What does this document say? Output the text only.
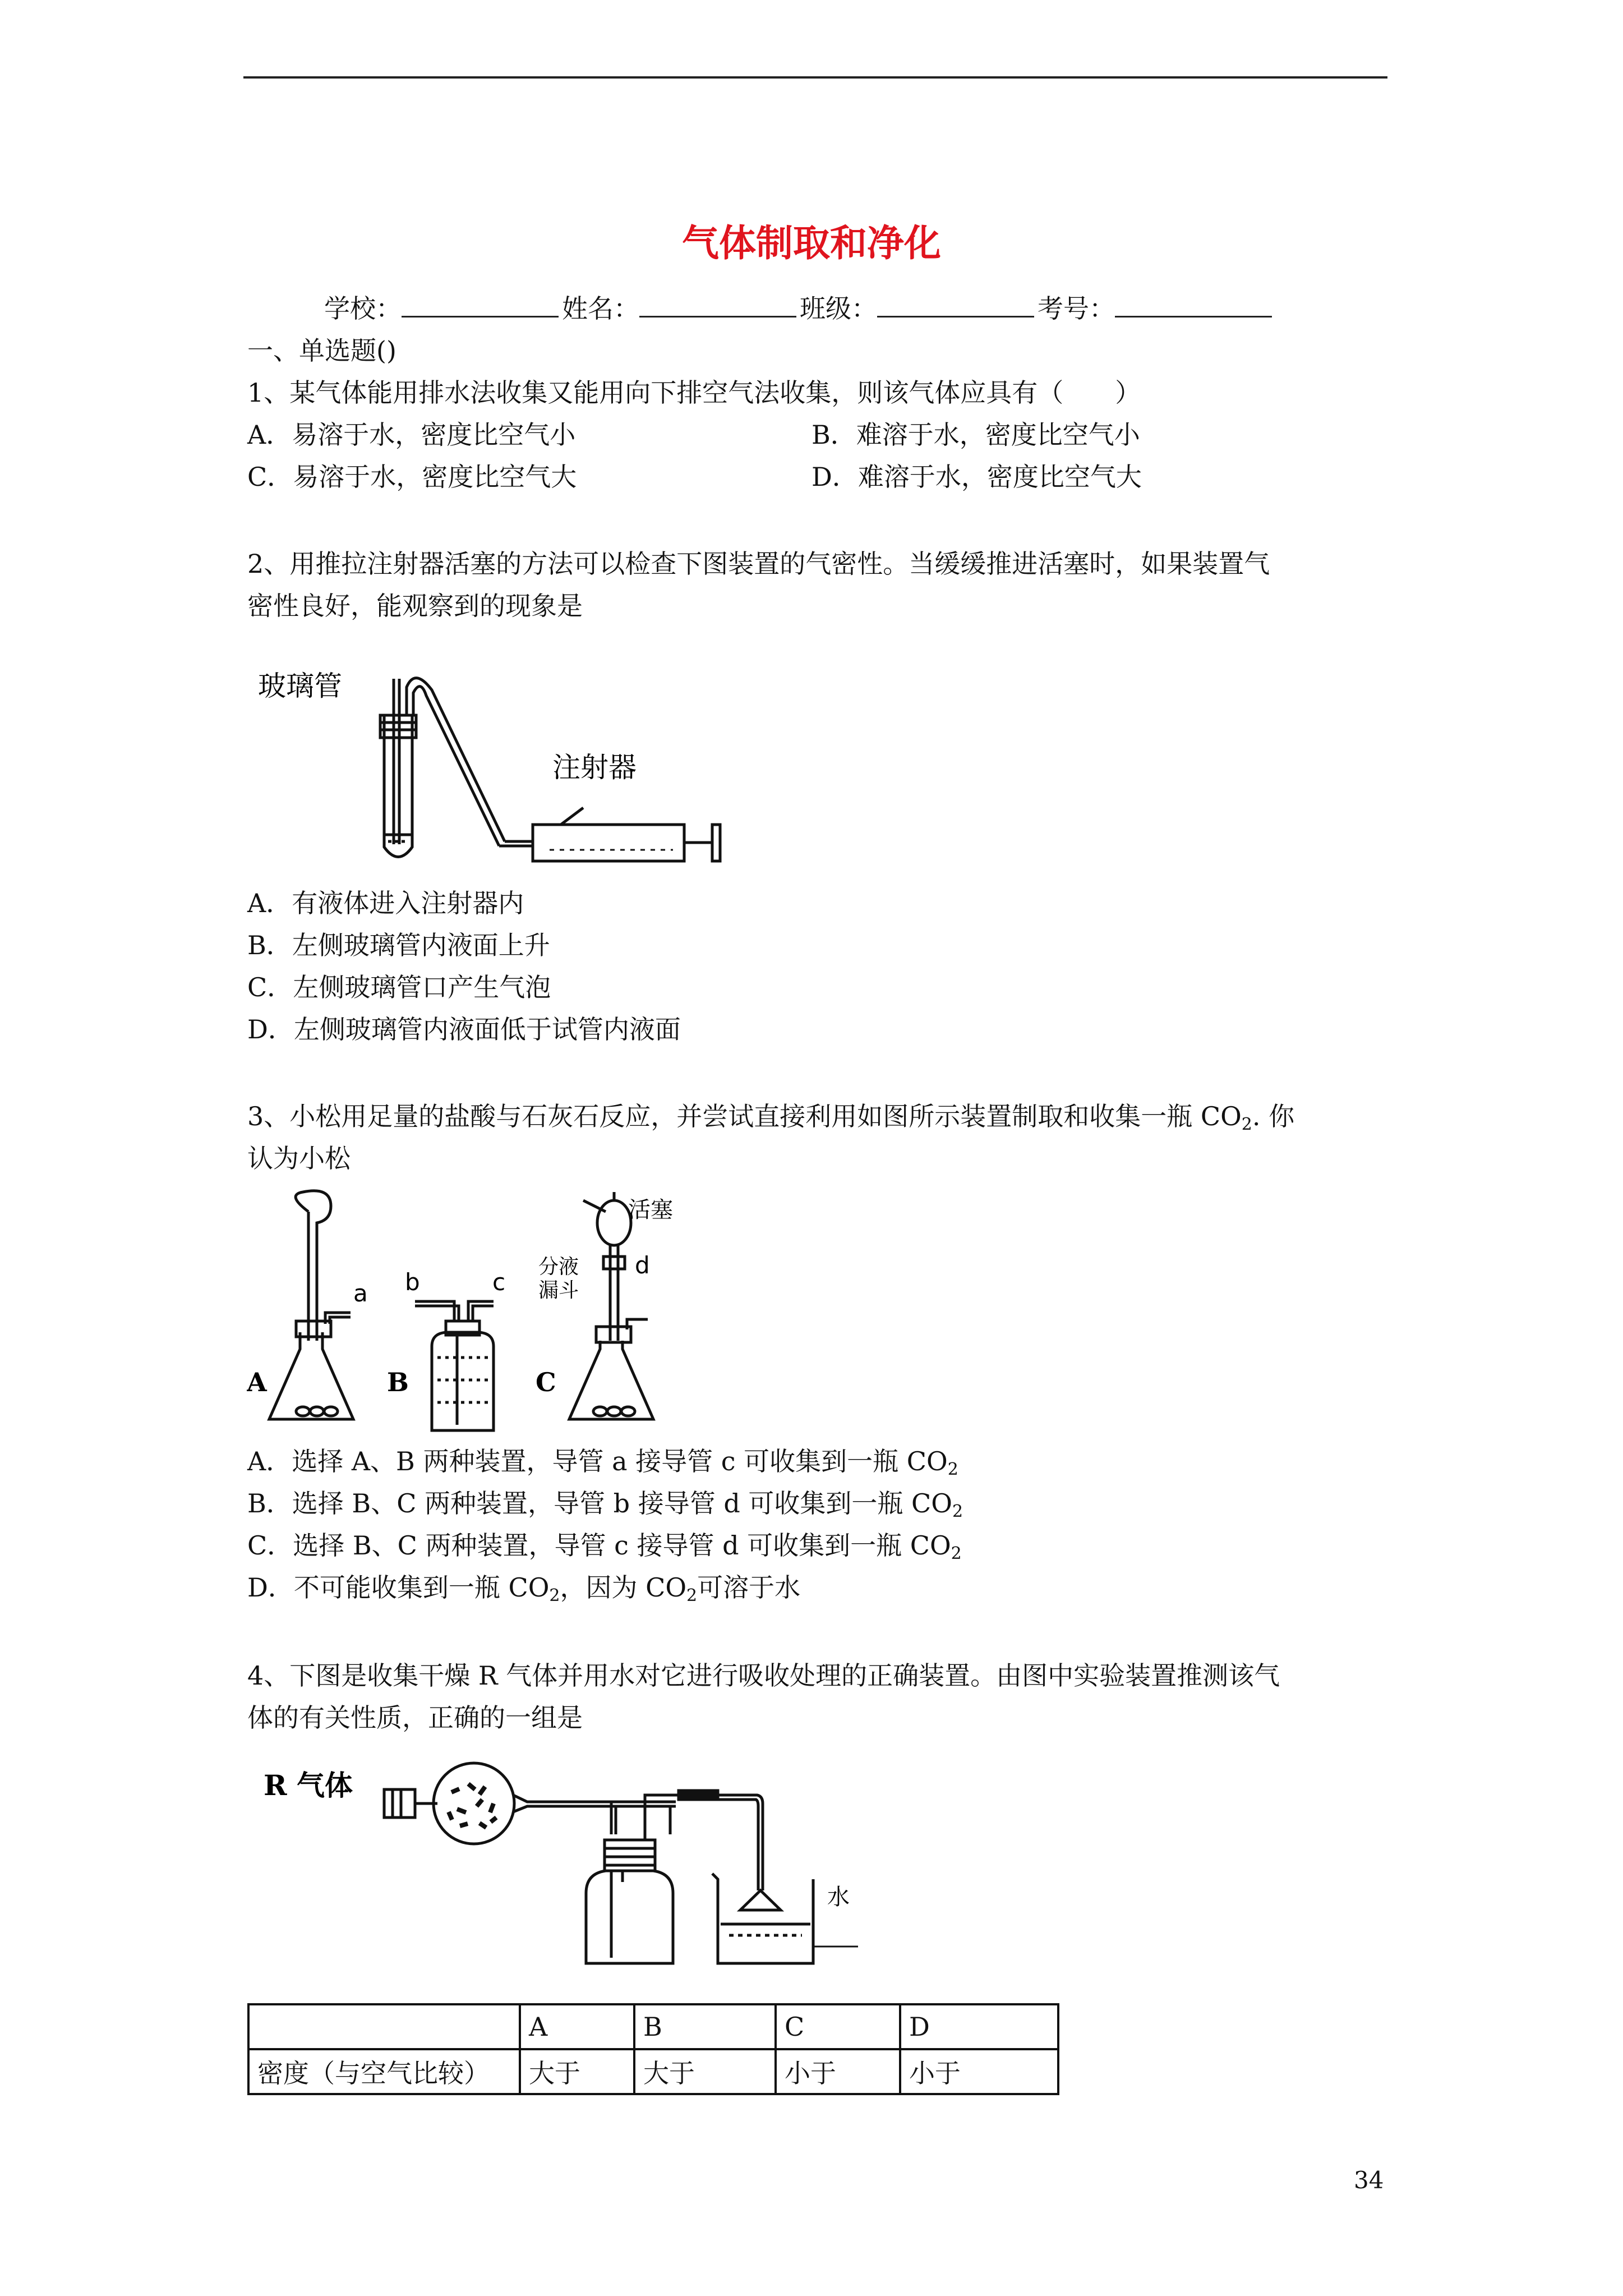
气体制取和净化
学校：	姓名：	班级：	考号：
一、单选题()
1、某气体能用排水法收集又能用向下排空气法收集，则该气体应具有（　　）
A．易溶于水，密度比空气小	B．难溶于水，密度比空气小
C．易溶于水，密度比空气大	D．难溶于水，密度比空气大
2、用推拉注射器活塞的方法可以检查下图装置的气密性。当缓缓推进活塞时，如果装置气
密性良好，能观察到的现象是
玻璃管
注射器
A．有液体进入注射器内
B．左侧玻璃管内液面上升
C．左侧玻璃管口产生气泡
D．左侧玻璃管内液面低于试管内液面
3、小松用足量的盐酸与石灰石反应，并尝试直接利用如图所示装置制取和收集一瓶 $CO_2$. 你
认为小松
a b	c
d
活塞
分液
漏斗
A	B	C
A．选择 A、B 两种装置，导管 a 接导管 c 可收集到一瓶 $CO_2$
B．选择 B、C 两种装置，导管 b 接导管 d 可收集到一瓶 $CO_2$
C．选择 B、C 两种装置，导管 c 接导管 d 可收集到一瓶 $CO_2$
D．不可能收集到一瓶 $CO_2$，因为 $CO_2$可溶于水
4、下图是收集干燥 R 气体并用水对它进行吸收处理的正确装置。由图中实验装置推测该气
体的有关性质，正确的一组是
R 气体
水
	A	B	C	D
密度（与空气比较）	大于	大于	小于	小于
34
